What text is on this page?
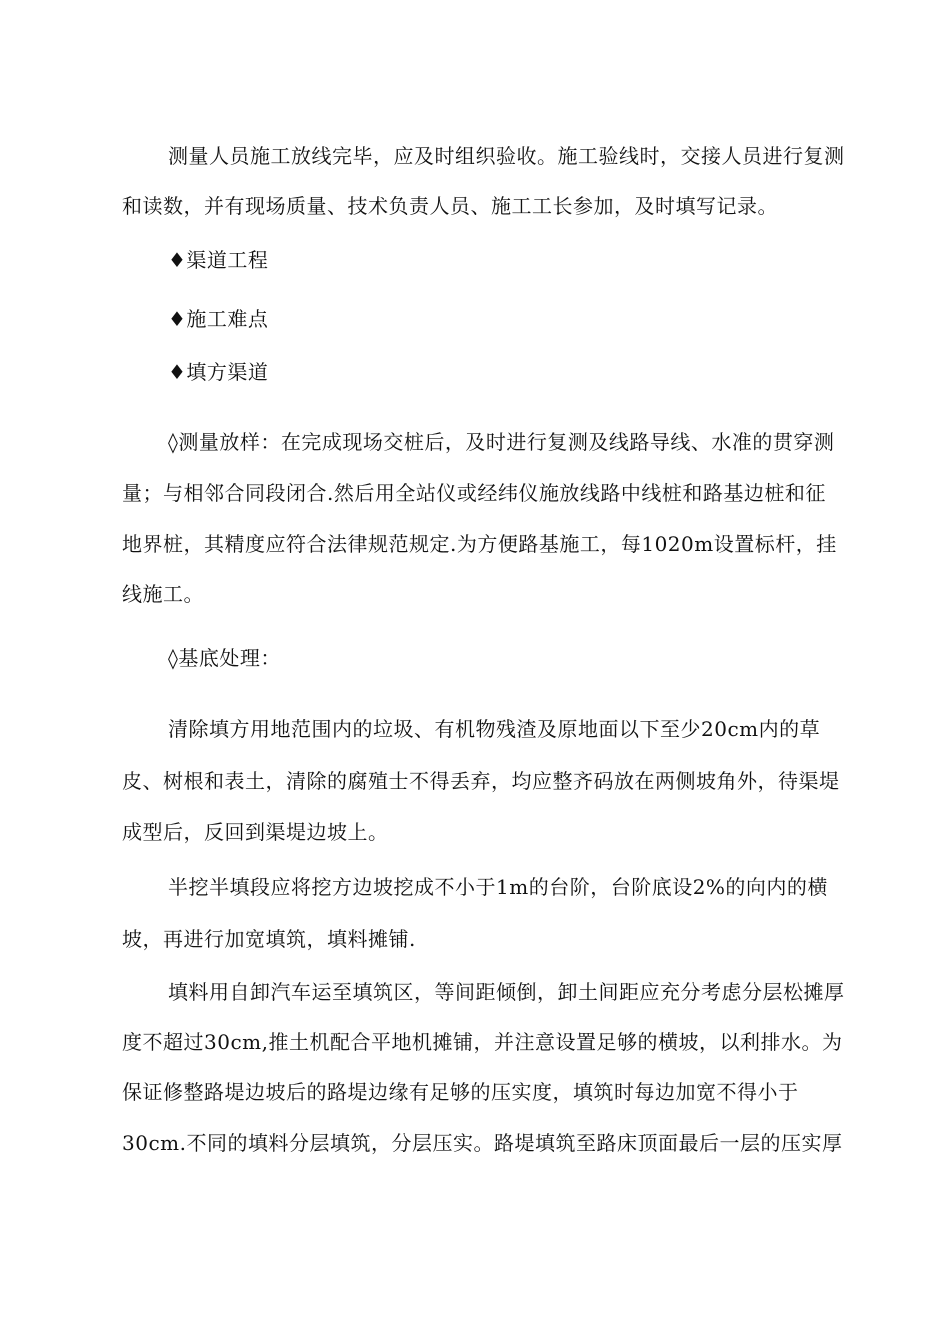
测量人员施工放线完毕，应及时组织验收。施工验线时，交接人员进行复测
和读数，并有现场质量、技术负责人员、施工工长参加，及时填写记录。
♦渠道工程
♦施工难点
♦填方渠道
◊测量放样：在完成现场交桩后，及时进行复测及线路导线、水准的贯穿测
量；与相邻合同段闭合.然后用全站仪或经纬仪施放线路中线桩和路基边桩和征
地界桩，其精度应符合法律规范规定.为方便路基施工，每1020m设置标杆，挂
线施工。
◊基底处理：
清除填方用地范围内的垃圾、有机物残渣及原地面以下至少20cm内的草
皮、树根和表土，清除的腐殖士不得丢弃，均应整齐码放在两侧坡角外，待渠堤
成型后，反回到渠堤边坡上。
半挖半填段应将挖方边坡挖成不小于1m的台阶，台阶底设2%的向内的横
坡，再进行加宽填筑，填料摊铺.
填料用自卸汽车运至填筑区，等间距倾倒，卸土间距应充分考虑分层松摊厚
度不超过30cm,推土机配合平地机摊铺，并注意设置足够的横坡，以利排水。为
保证修整路堤边坡后的路堤边缘有足够的压实度，填筑时每边加宽不得小于
30cm.不同的填料分层填筑，分层压实。路堤填筑至路床顶面最后一层的压实厚
